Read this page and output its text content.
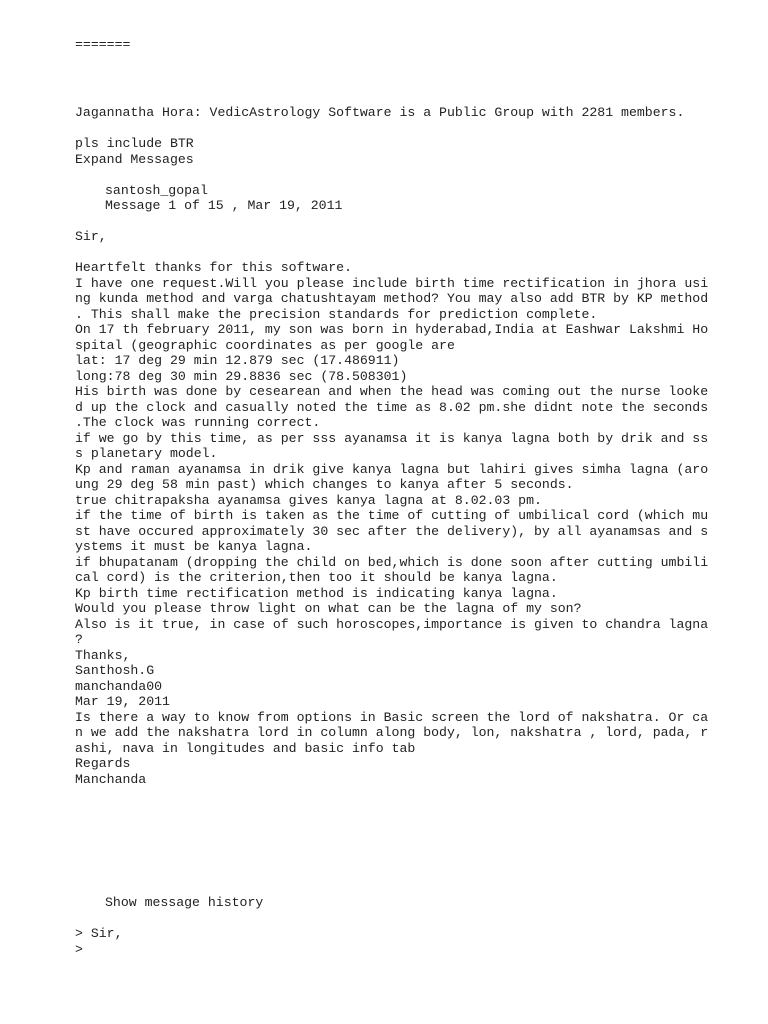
=======
Jagannatha Hora: VedicAstrology Software is a Public Group with 2281 members.
pls include BTR
Expand Messages
santosh_gopal
Message 1 of 15 , Mar 19, 2011
Sir,
Heartfelt thanks for this software.
I have one request.Will you please include birth time rectification in jhora usi
ng kunda method and varga chatushtayam method? You may also add BTR by KP method
. This shall make the precision standards for prediction complete.
On 17 th february 2011, my son was born in hyderabad,India at Eashwar Lakshmi Ho
spital (geographic coordinates as per google are
lat: 17 deg 29 min 12.879 sec (17.486911)
long:78 deg 30 min 29.8836 sec (78.508301)
His birth was done by cesearean and when the head was coming out the nurse looke
d up the clock and casually noted the time as 8.02 pm.she didnt note the seconds
.The clock was running correct.
if we go by this time, as per sss ayanamsa it is kanya lagna both by drik and ss
s planetary model.
Kp and raman ayanamsa in drik give kanya lagna but lahiri gives simha lagna (aro
ung 29 deg 58 min past) which changes to kanya after 5 seconds.
true chitrapaksha ayanamsa gives kanya lagna at 8.02.03 pm.
if the time of birth is taken as the time of cutting of umbilical cord (which mu
st have occured approximately 30 sec after the delivery), by all ayanamsas and s
ystems it must be kanya lagna.
if bhupatanam (dropping the child on bed,which is done soon after cutting umbili
cal cord) is the criterion,then too it should be kanya lagna.
Kp birth time rectification method is indicating kanya lagna.
Would you please throw light on what can be the lagna of my son?
Also is it true, in case of such horoscopes,importance is given to chandra lagna
?
Thanks,
Santhosh.G
manchanda00
Mar 19, 2011
Is there a way to know from options in Basic screen the lord of nakshatra. Or ca
n we add the nakshatra lord in column along body, lon, nakshatra , lord, pada, r
ashi, nava in longitudes and basic info tab
Regards
Manchanda
Show message history
> Sir,
>
